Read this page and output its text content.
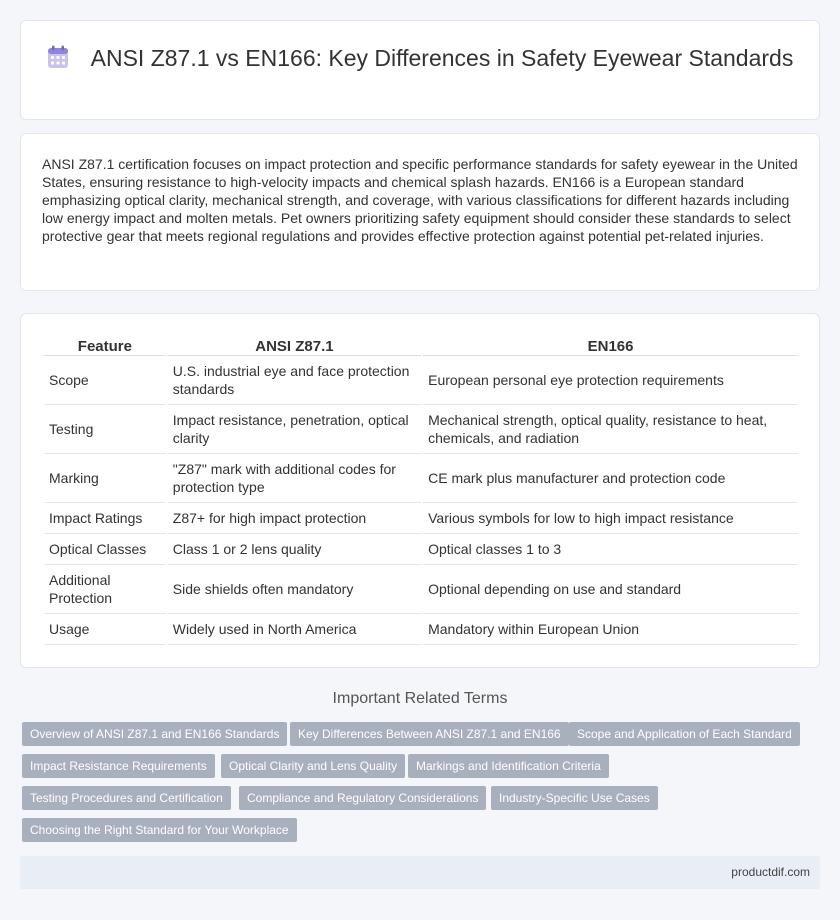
ANSI Z87.1 vs EN166: Key Differences in Safety Eyewear Standards

ANSI Z87.1 certification focuses on impact protection and specific performance standards for safety eyewear in the United States, ensuring resistance to high-velocity impacts and chemical splash hazards. EN166 is a European standard emphasizing optical clarity, mechanical strength, and coverage, with various classifications for different hazards including low energy impact and molten metals. Pet owners prioritizing safety equipment should consider these standards to select protective gear that meets regional regulations and provides effective protection against potential pet-related injuries.

Feature	ANSI Z87.1	EN166
Scope	U.S. industrial eye and face protection standards	European personal eye protection requirements
Testing	Impact resistance, penetration, optical clarity	Mechanical strength, optical quality, resistance to heat, chemicals, and radiation
Marking	"Z87" mark with additional codes for protection type	CE mark plus manufacturer and protection code
Impact Ratings	Z87+ for high impact protection	Various symbols for low to high impact resistance
Optical Classes	Class 1 or 2 lens quality	Optical classes 1 to 3
Additional Protection	Side shields often mandatory	Optional depending on use and standard
Usage	Widely used in North America	Mandatory within European Union
Important Related Terms
Overview of ANSI Z87.1 and EN166 Standards	Key Differences Between ANSI Z87.1 and EN166	Scope and Application of Each Standard
Impact Resistance Requirements	Optical Clarity and Lens Quality	Markings and Identification Criteria
Testing Procedures and Certification	Compliance and Regulatory Considerations	Industry-Specific Use Cases
Choosing the Right Standard for Your Workplace
productdif.com
